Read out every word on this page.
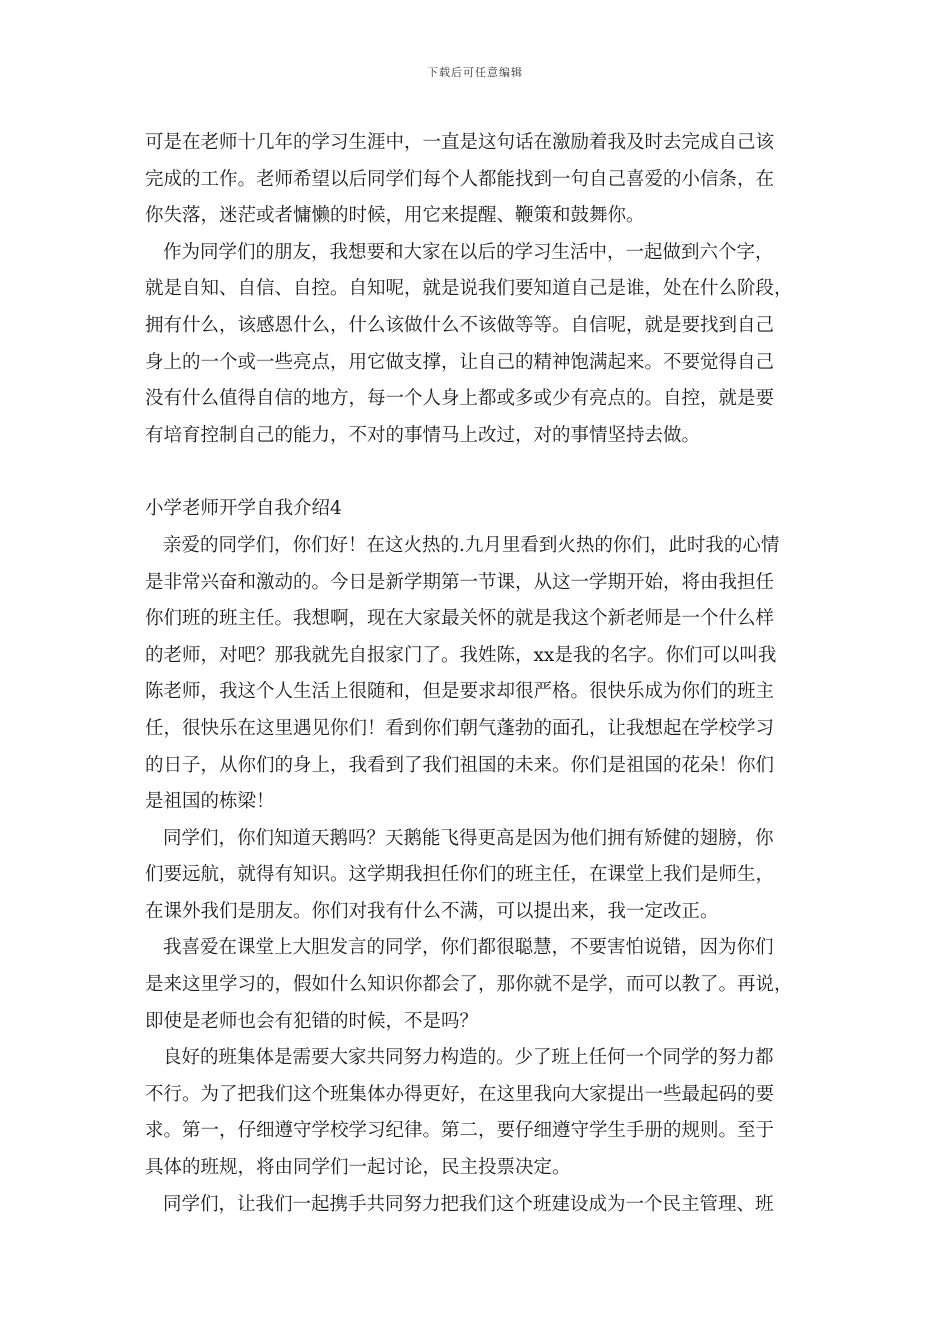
下载后可任意编辑
可是在老师十几年的学习生涯中，一直是这句话在激励着我及时去完成自己该
完成的工作。老师希望以后同学们每个人都能找到一句自己喜爱的小信条，在
你失落，迷茫或者慵懒的时候，用它来提醒、鞭策和鼓舞你。
作为同学们的朋友，我想要和大家在以后的学习生活中，一起做到六个字，
就是自知、自信、自控。自知呢，就是说我们要知道自己是谁，处在什么阶段，
拥有什么，该感恩什么，什么该做什么不该做等等。自信呢，就是要找到自己
身上的一个或一些亮点，用它做支撑，让自己的精神饱满起来。不要觉得自己
没有什么值得自信的地方，每一个人身上都或多或少有亮点的。自控，就是要
有培育控制自己的能力，不对的事情马上改过，对的事情坚持去做。
小学老师开学自我介绍4
亲爱的同学们，你们好！在这火热的.九月里看到火热的你们，此时我的心情
是非常兴奋和激动的。今日是新学期第一节课，从这一学期开始，将由我担任
你们班的班主任。我想啊，现在大家最关怀的就是我这个新老师是一个什么样
的老师，对吧？那我就先自报家门了。我姓陈，xx是我的名字。你们可以叫我
陈老师，我这个人生活上很随和，但是要求却很严格。很快乐成为你们的班主
任，很快乐在这里遇见你们！看到你们朝气蓬勃的面孔，让我想起在学校学习
的日子，从你们的身上，我看到了我们祖国的未来。你们是祖国的花朵！你们
是祖国的栋梁！
同学们，你们知道天鹅吗？天鹅能飞得更高是因为他们拥有矫健的翅膀，你
们要远航，就得有知识。这学期我担任你们的班主任，在课堂上我们是师生，
在课外我们是朋友。你们对我有什么不满，可以提出来，我一定改正。
我喜爱在课堂上大胆发言的同学，你们都很聪慧，不要害怕说错，因为你们
是来这里学习的，假如什么知识你都会了，那你就不是学，而可以教了。再说，
即使是老师也会有犯错的时候，不是吗？
良好的班集体是需要大家共同努力构造的。少了班上任何一个同学的努力都
不行。为了把我们这个班集体办得更好，在这里我向大家提出一些最起码的要
求。第一，仔细遵守学校学习纪律。第二，要仔细遵守学生手册的规则。至于
具体的班规，将由同学们一起讨论，民主投票决定。
同学们，让我们一起携手共同努力把我们这个班建设成为一个民主管理、班
